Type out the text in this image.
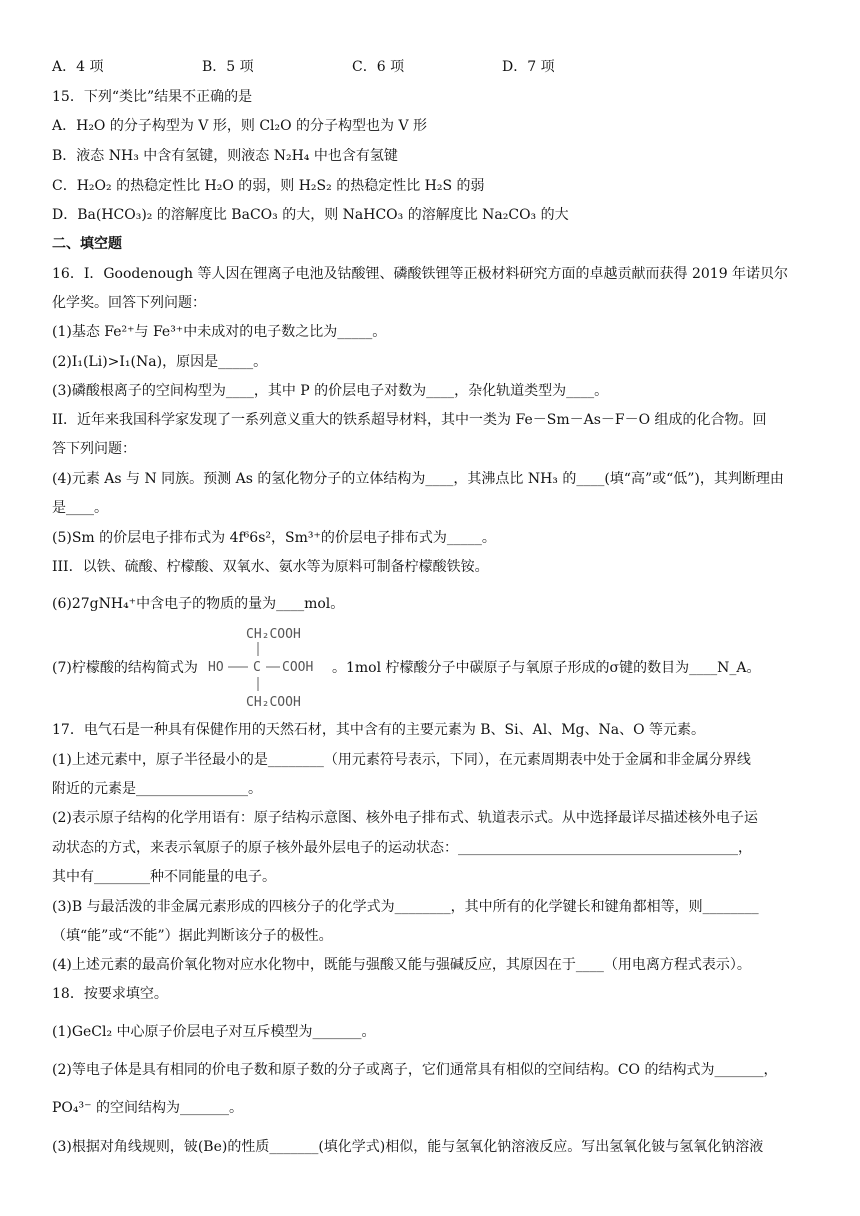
A．4 项	B．5 项	C．6 项	D．7 项
15．下列“类比”结果不正确的是
A．H₂O 的分子构型为 V 形，则 Cl₂O 的分子构型也为 V 形
B．液态 NH₃ 中含有氢键，则液态 N₂H₄ 中也含有氢键
C．H₂O₂ 的热稳定性比 H₂O 的弱，则 H₂S₂ 的热稳定性比 H₂S 的弱
D．Ba(HCO₃)₂ 的溶解度比 BaCO₃ 的大，则 NaHCO₃ 的溶解度比 Na₂CO₃ 的大
二、填空题
16．I．Goodenough 等人因在锂离子电池及钴酸锂、磷酸铁锂等正极材料研究方面的卓越贡献而获得 2019 年诺贝尔
化学奖。回答下列问题：
(1)基态 Fe²⁺与 Fe³⁺中未成对的电子数之比为_____。
(2)I₁(Li)>I₁(Na)，原因是_____。
(3)磷酸根离子的空间构型为____，其中 P 的价层电子对数为____，杂化轨道类型为____。
II．近年来我国科学家发现了一系列意义重大的铁系超导材料，其中一类为 Fe－Sm－As－F－O 组成的化合物。回
答下列问题：
(4)元素 As 与 N 同族。预测 As 的氢化物分子的立体结构为____，其沸点比 NH₃ 的____(填“高”或“低”)，其判断理由
是____。
(5)Sm 的价层电子排布式为 4f⁶6s²，Sm³⁺的价层电子排布式为_____。
III．以铁、硫酸、柠檬酸、双氧水、氨水等为原料可制备柠檬酸铁铵。
(6)27gNH₄⁺中含电子的物质的量为____mol。
(7)柠檬酸的结构简式为
CH₂COOH
HO C COOH
CH₂COOH
。1mol 柠檬酸分子中碳原子与氧原子形成的σ键的数目为____N_A。
17．电气石是一种具有保健作用的天然石材，其中含有的主要元素为 B、Si、Al、Mg、Na、O 等元素。
(1)上述元素中，原子半径最小的是________（用元素符号表示，下同），在元素周期表中处于金属和非金属分界线
附近的元素是________________。
(2)表示原子结构的化学用语有：原子结构示意图、核外电子排布式、轨道表示式。从中选择最详尽描述核外电子运
动状态的方式，来表示氧原子的原子核外最外层电子的运动状态：________________________________________，
其中有________种不同能量的电子。
(3)B 与最活泼的非金属元素形成的四核分子的化学式为________，其中所有的化学键长和键角都相等，则________
（填“能”或“不能”）据此判断该分子的极性。
(4)上述元素的最高价氧化物对应水化物中，既能与强酸又能与强碱反应，其原因在于____（用电离方程式表示）。
18．按要求填空。
(1)GeCl₂ 中心原子价层电子对互斥模型为_______。
(2)等电子体是具有相同的价电子数和原子数的分子或离子，它们通常具有相似的空间结构。CO 的结构式为_______，
PO₄³⁻ 的空间结构为_______。
(3)根据对角线规则，铍(Be)的性质_______(填化学式)相似，能与氢氧化钠溶液反应。写出氢氧化铍与氢氧化钠溶液
